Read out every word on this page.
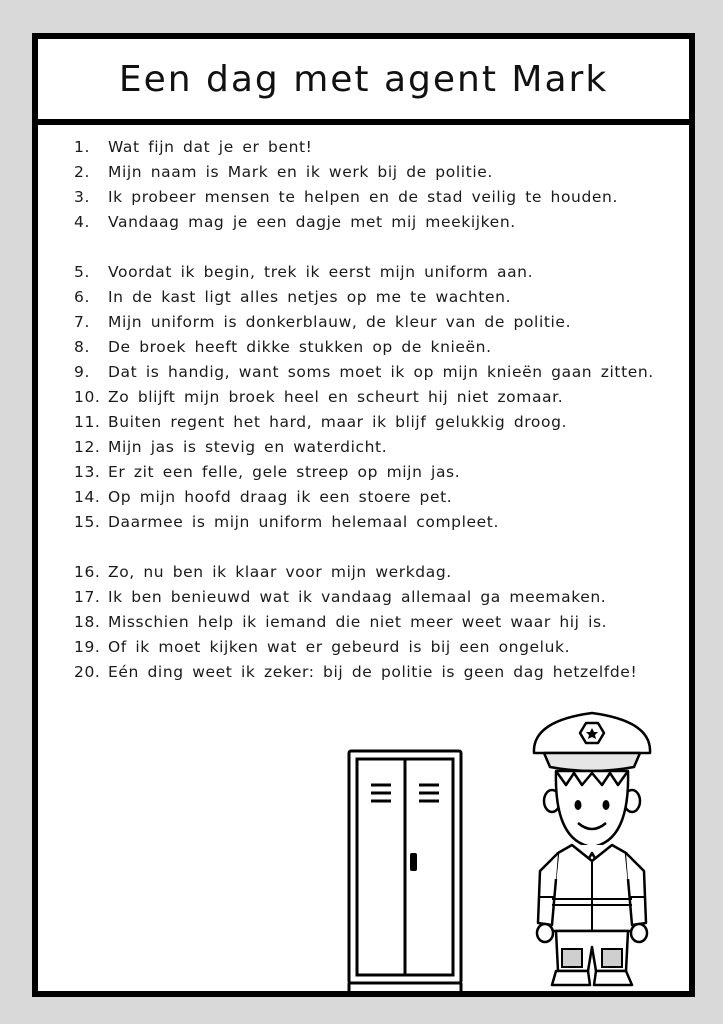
Een dag met agent Mark
1.	Wat fijn dat je er bent!
2.	Mijn naam is Mark en ik werk bij de politie.
3.	Ik probeer mensen te helpen en de stad veilig te houden.
4.	Vandaag mag je een dagje met mij meekijken.
5.	Voordat ik begin, trek ik eerst mijn uniform aan.
6.	In de kast ligt alles netjes op me te wachten.
7.	Mijn uniform is donkerblauw, de kleur van de politie.
8.	De broek heeft dikke stukken op de knieën.
9.	Dat is handig, want soms moet ik op mijn knieën gaan zitten.
10. Zo blijft mijn broek heel en scheurt hij niet zomaar.
11. Buiten regent het hard, maar ik blijf gelukkig droog.
12. Mijn jas is stevig en waterdicht.
13. Er zit een felle, gele streep op mijn jas.
14. Op mijn hoofd draag ik een stoere pet.
15. Daarmee is mijn uniform helemaal compleet.
16. Zo, nu ben ik klaar voor mijn werkdag.
17. Ik ben benieuwd wat ik vandaag allemaal ga meemaken.
18. Misschien help ik iemand die niet meer weet waar hij is.
19. Of ik moet kijken wat er gebeurd is bij een ongeluk.
20. Eén ding weet ik zeker: bij de politie is geen dag hetzelfde!
